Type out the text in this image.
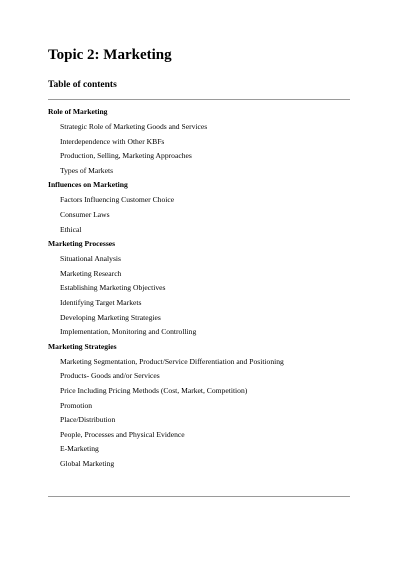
Topic 2: Marketing
Table of contents
Role of Marketing
Strategic Role of Marketing Goods and Services
Interdependence with Other KBFs
Production, Selling, Marketing Approaches
Types of Markets
Influences on Marketing
Factors Influencing Customer Choice
Consumer Laws
Ethical
Marketing Processes
Situational Analysis
Marketing Research
Establishing Marketing Objectives
Identifying Target Markets
Developing Marketing Strategies
Implementation, Monitoring and Controlling
Marketing Strategies
Marketing Segmentation, Product/Service Differentiation and Positioning
Products- Goods and/or Services
Price Including Pricing Methods (Cost, Market, Competition)
Promotion
Place/Distribution
People, Processes and Physical Evidence
E-Marketing
Global Marketing
